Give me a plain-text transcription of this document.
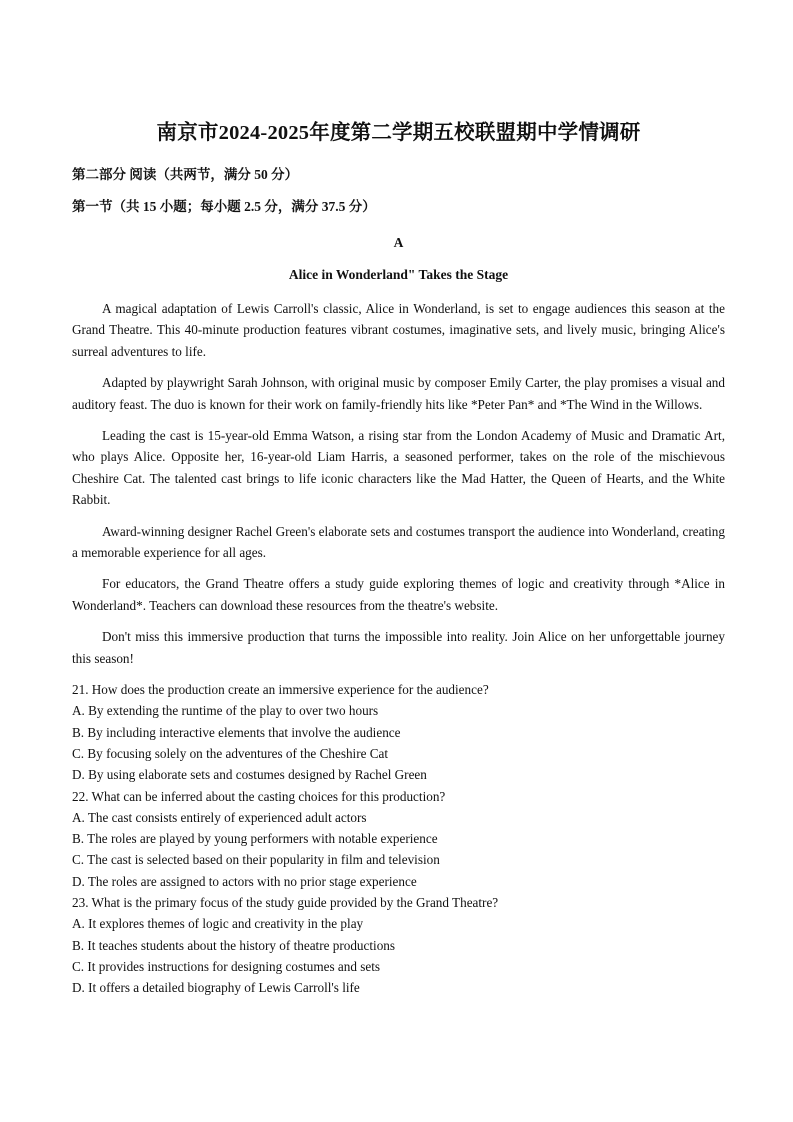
南京市2024-2025年度第二学期五校联盟期中学情调研
第二部分 阅读（共两节，满分 50 分）
第一节（共 15 小题；每小题 2.5 分，满分 37.5 分）
A
Alice in Wonderland" Takes the Stage

A magical adaptation of Lewis Carroll's classic, Alice in Wonderland, is set to engage audiences this season at the Grand Theatre. This 40-minute production features vibrant costumes, imaginative sets, and lively music, bringing Alice's surreal adventures to life.

Adapted by playwright Sarah Johnson, with original music by composer Emily Carter, the play promises a visual and auditory feast. The duo is known for their work on family-friendly hits like *Peter Pan* and *The Wind in the Willows.

Leading the cast is 15-year-old Emma Watson, a rising star from the London Academy of Music and Dramatic Art, who plays Alice. Opposite her, 16-year-old Liam Harris, a seasoned performer, takes on the role of the mischievous Cheshire Cat. The talented cast brings to life iconic characters like the Mad Hatter, the Queen of Hearts, and the White Rabbit.

Award-winning designer Rachel Green's elaborate sets and costumes transport the audience into Wonderland, creating a memorable experience for all ages.

For educators, the Grand Theatre offers a study guide exploring themes of logic and creativity through *Alice in Wonderland*. Teachers can download these resources from the theatre's website.

Don't miss this immersive production that turns the impossible into reality. Join Alice on her unforgettable journey this season!

21. How does the production create an immersive experience for the audience?
A. By extending the runtime of the play to over two hours
B. By including interactive elements that involve the audience
C. By focusing solely on the adventures of the Cheshire Cat
D. By using elaborate sets and costumes designed by Rachel Green
22. What can be inferred about the casting choices for this production?
A. The cast consists entirely of experienced adult actors
B. The roles are played by young performers with notable experience
C. The cast is selected based on their popularity in film and television
D. The roles are assigned to actors with no prior stage experience
23. What is the primary focus of the study guide provided by the Grand Theatre?
A. It explores themes of logic and creativity in the play
B. It teaches students about the history of theatre productions
C. It provides instructions for designing costumes and sets
D. It offers a detailed biography of Lewis Carroll's life
